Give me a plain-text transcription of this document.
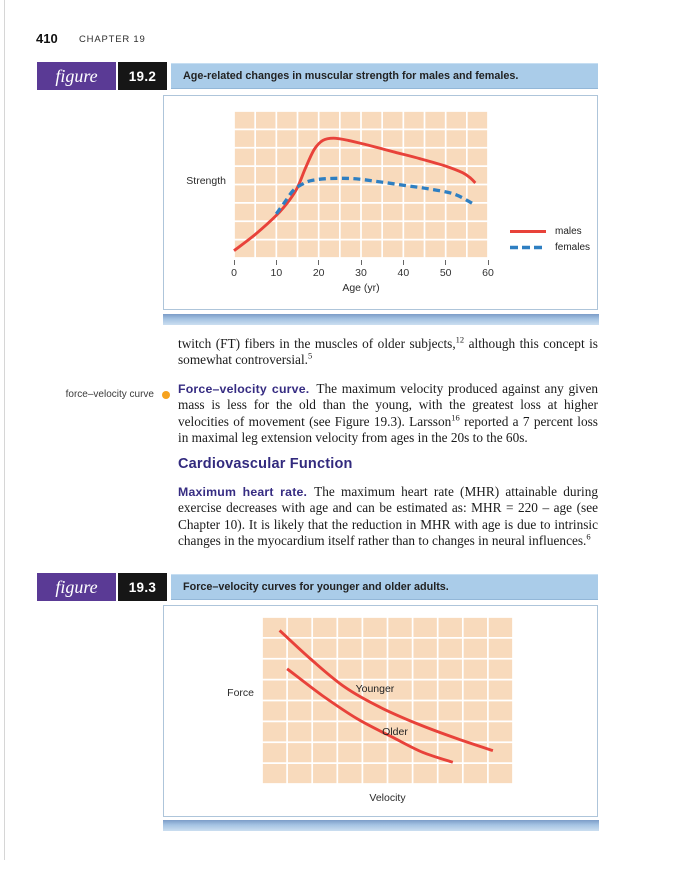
410 CHAPTER 19
figure	19.2	Age-related changes in muscular strength for males and females.
Strength
Age (yr)
males
females
0	10	20	30	40	50	60

twitch (FT) fibers in the muscles of older subjects,$^{12}$ although this concept is somewhat controversial.$^5$

force–velocity curve Force–velocity curve. The maximum velocity produced against any given mass is less for the old than the young, with the greatest loss at higher velocities of movement (see Figure 19.3). Larsson$^{16}$ reported a 7 percent loss in maximal leg extension velocity from ages in the 20s to the 60s.

Cardiovascular Function

Maximum heart rate. The maximum heart rate (MHR) attainable during exercise decreases with age and can be estimated as: MHR = 220 – age (see Chapter 10). It is likely that the reduction in MHR with age is due to intrinsic changes in the myocardium itself rather than to changes in neural influences.$^6$

figure	19.3	Force–velocity curves for younger and older adults.
Force
Velocity
Younger
Older
